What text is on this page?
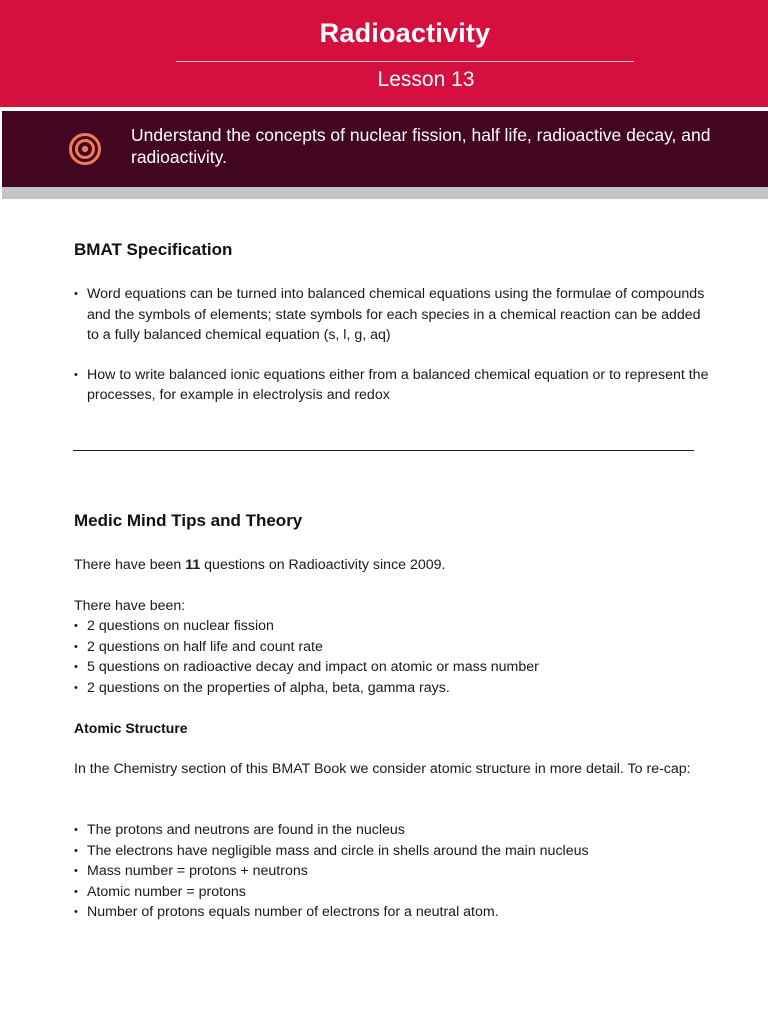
Radioactivity
Lesson 13
Understand the concepts of nuclear fission, half life, radioactive decay, and radioactivity.
BMAT Specification
• Word equations can be turned into balanced chemical equations using the formulae of compounds and the symbols of elements; state symbols for each species in a chemical reaction can be added to a fully balanced chemical equation (s, l, g, aq)
• How to write balanced ionic equations either from a balanced chemical equation or to represent the processes, for example in electrolysis and redox
Medic Mind Tips and Theory

There have been 11 questions on Radioactivity since 2009.

There have been:

• 2 questions on nuclear fission
• 2 questions on half life and count rate
• 5 questions on radioactive decay and impact on atomic or mass number
• 2 questions on the properties of alpha, beta, gamma rays.
Atomic Structure

In the Chemistry section of this BMAT Book we consider atomic structure in more detail. To re-cap:

• The protons and neutrons are found in the nucleus
• The electrons have negligible mass and circle in shells around the main nucleus
• Mass number = protons + neutrons
• Atomic number = protons
• Number of protons equals number of electrons for a neutral atom.
